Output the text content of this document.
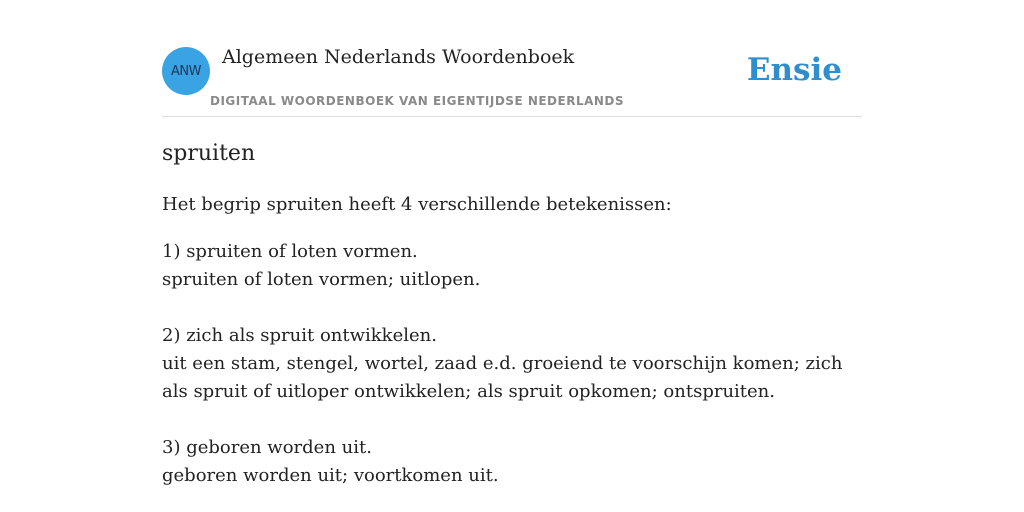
ANW
Algemeen Nederlands Woordenboek
DIGITAAL WOORDENBOEK VAN EIGENTIJDSE NEDERLANDS
Ensie
spruiten

Het begrip spruiten heeft 4 verschillende betekenissen:

1) spruiten of loten vormen.
spruiten of loten vormen; uitlopen.
2) zich als spruit ontwikkelen.
uit een stam, stengel, wortel, zaad e.d. groeiend te voorschijn komen; zich als spruit of uitloper ontwikkelen; als spruit opkomen; ontspruiten.
3) geboren worden uit.
geboren worden uit; voortkomen uit.
